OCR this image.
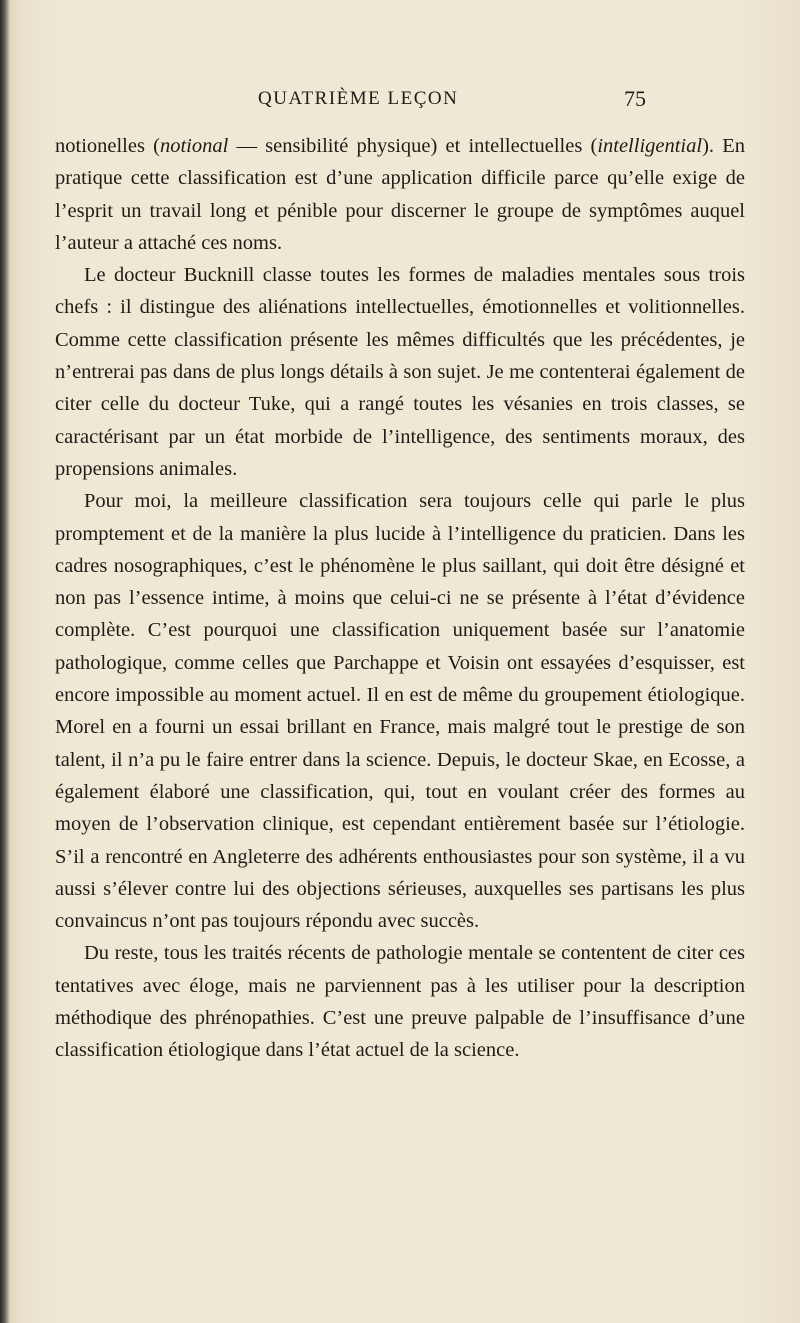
QUATRIÈME LEÇON	75

notionelles (notional — sensibilité physique) et intellectuelles (intelligential). En pratique cette classification est d’une application difficile parce qu’elle exige de l’esprit un travail long et pénible pour discerner le groupe de symptômes auquel l’auteur a attaché ces noms.

Le docteur Bucknill classe toutes les formes de maladies mentales sous trois chefs : il distingue des aliénations intellectuelles, émotionnelles et volitionnelles. Comme cette classification présente les mêmes difficultés que les précédentes, je n’entrerai pas dans de plus longs détails à son sujet. Je me contenterai également de citer celle du docteur Tuke, qui a rangé toutes les vésanies en trois classes, se caractérisant par un état morbide de l’intelligence, des sentiments moraux, des propensions animales.

Pour moi, la meilleure classification sera toujours celle qui parle le plus promptement et de la manière la plus lucide à l’intelligence du praticien. Dans les cadres nosographiques, c’est le phénomène le plus saillant, qui doit être désigné et non pas l’essence intime, à moins que celui-ci ne se présente à l’état d’évidence complète. C’est pourquoi une classification uniquement basée sur l’anatomie pathologique, comme celles que Parchappe et Voisin ont essayées d’esquisser, est encore impossible au moment actuel. Il en est de même du groupement étiologique. Morel en a fourni un essai brillant en France, mais malgré tout le prestige de son talent, il n’a pu le faire entrer dans la science. Depuis, le docteur Skae, en Ecosse, a également élaboré une classification, qui, tout en voulant créer des formes au moyen de l’observation clinique, est cependant entièrement basée sur l’étiologie. S’il a rencontré en Angleterre des adhérents enthousiastes pour son système, il a vu aussi s’élever contre lui des objections sérieuses, auxquelles ses partisans les plus convaincus n’ont pas toujours répondu avec succès.

Du reste, tous les traités récents de pathologie mentale se contentent de citer ces tentatives avec éloge, mais ne parviennent pas à les utiliser pour la description méthodique des phrénopathies. C’est une preuve palpable de l’insuffisance d’une classification étiologique dans l’état actuel de la science.
